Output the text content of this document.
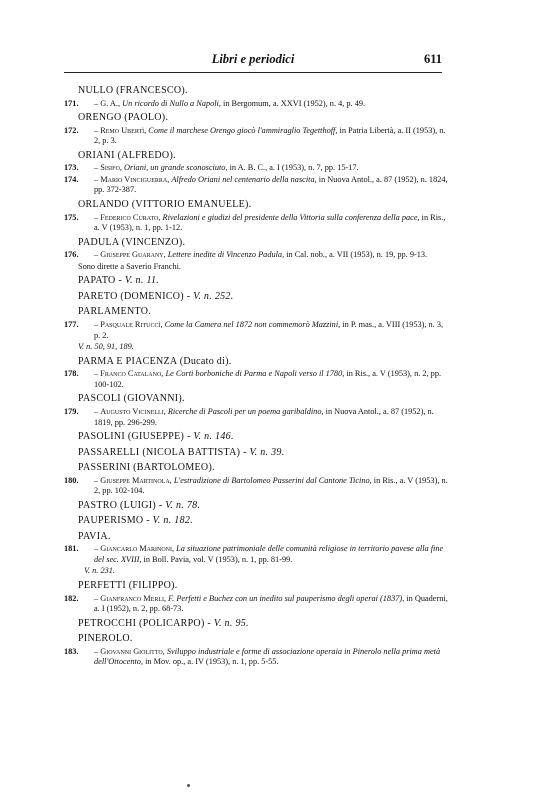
Libri e periodici	611
NULLO (FRANCESCO).
171. – G. A., Un ricordo di Nullo a Napoli, in Bergomum, a. XXVI (1952), n. 4, p. 49.
ORENGO (PAOLO).
172. – Remo Ubertì, Come il marchese Orengo giocò l'ammiraglio Tegetthoff, in Patria Libertà, a. II (1953), n. 2, p. 3.
ORIANI (ALFREDO).
173. – Sisifo, Oriani, un grande sconosciuto, in A. B. C., a. I (1953), n. 7, pp. 15-17.
174. – Mario Vinciguerra, Alfredo Oriani nel centenario della nascita, in Nuova Antol., a. 87 (1952), n. 1824, pp. 372-387.
ORLANDO (VITTORIO EMANUELE).
175. – Federico Curato, Rivelazioni e giudizi del presidente della Vittoria sulla conferenza della pace, in Ris., a. V (1953), n. 1, pp. 1-12.
PADULA (VINCENZO).
176. – Giuseppe Guarany, Lettere inedite di Vincenzo Padula, in Cal. nob., a. VII (1953), n. 19, pp. 9-13.
Sono dirette a Saverio Franchi.
PAPATO - V. n. 11.
PARETO (DOMENICO) - V. n. 252.
PARLAMENTO.
177. – Pasquale Rituccì, Come la Camera nel 1872 non commemorò Mazzini, in P. mas., a. VIII (1953), n. 3, p. 2.
V. n. 50, 91, 189.
PARMA E PIACENZA (Ducato di).
178. – Franco Catalano, Le Corti borboniche di Parma e Napoli verso il 1780, in Ris., a. V (1953), n. 2, pp. 100-102.
PASCOLI (GIOVANNI).
179. – Augusto Vicinelli, Ricerche di Pascoli per un poema garibaldino, in Nuova Antol., a. 87 (1952), n. 1819, pp. 296-299.
PASOLINI (GIUSEPPE) - V. n. 146.
PASSARELLI (NICOLA BATTISTA) - V. n. 39.
PASSERINI (BARTOLOMEO).
180. – Giuseppe Martinola, L'estradizione di Bartolomeo Passerini dal Cantone Ticino, in Ris., a. V (1953), n. 2, pp. 102-104.
PASTRO (LUIGI) - V. n. 78.
PAUPERISMO - V. n. 182.
PAVIA.
181. – Giancarlo Marinoni, La situazione patrimoniale delle comunità religiose in territorio pavese alla fine del sec. XVIII, in Boll. Pavia, vol. V (1953), n. 1, pp. 81-99.
V. n. 231.
PERFETTI (FILIPPO).
182. – Gianfranco Merli, F. Perfetti e Buchez con un inedito sul pauperismo degli operai (1837), in Quaderni, a. I (1952), n. 2, pp. 68-73.
PETROCCHI (POLICARPO) - V. n. 95.
PINEROLO.
183. – Giovanni Giolitto, Sviluppo industriale e forme di associazione operaia in Pinerolo nella prima metà dell'Ottocento, in Mov. op., a. IV (1953), n. 1, pp. 5-55.
